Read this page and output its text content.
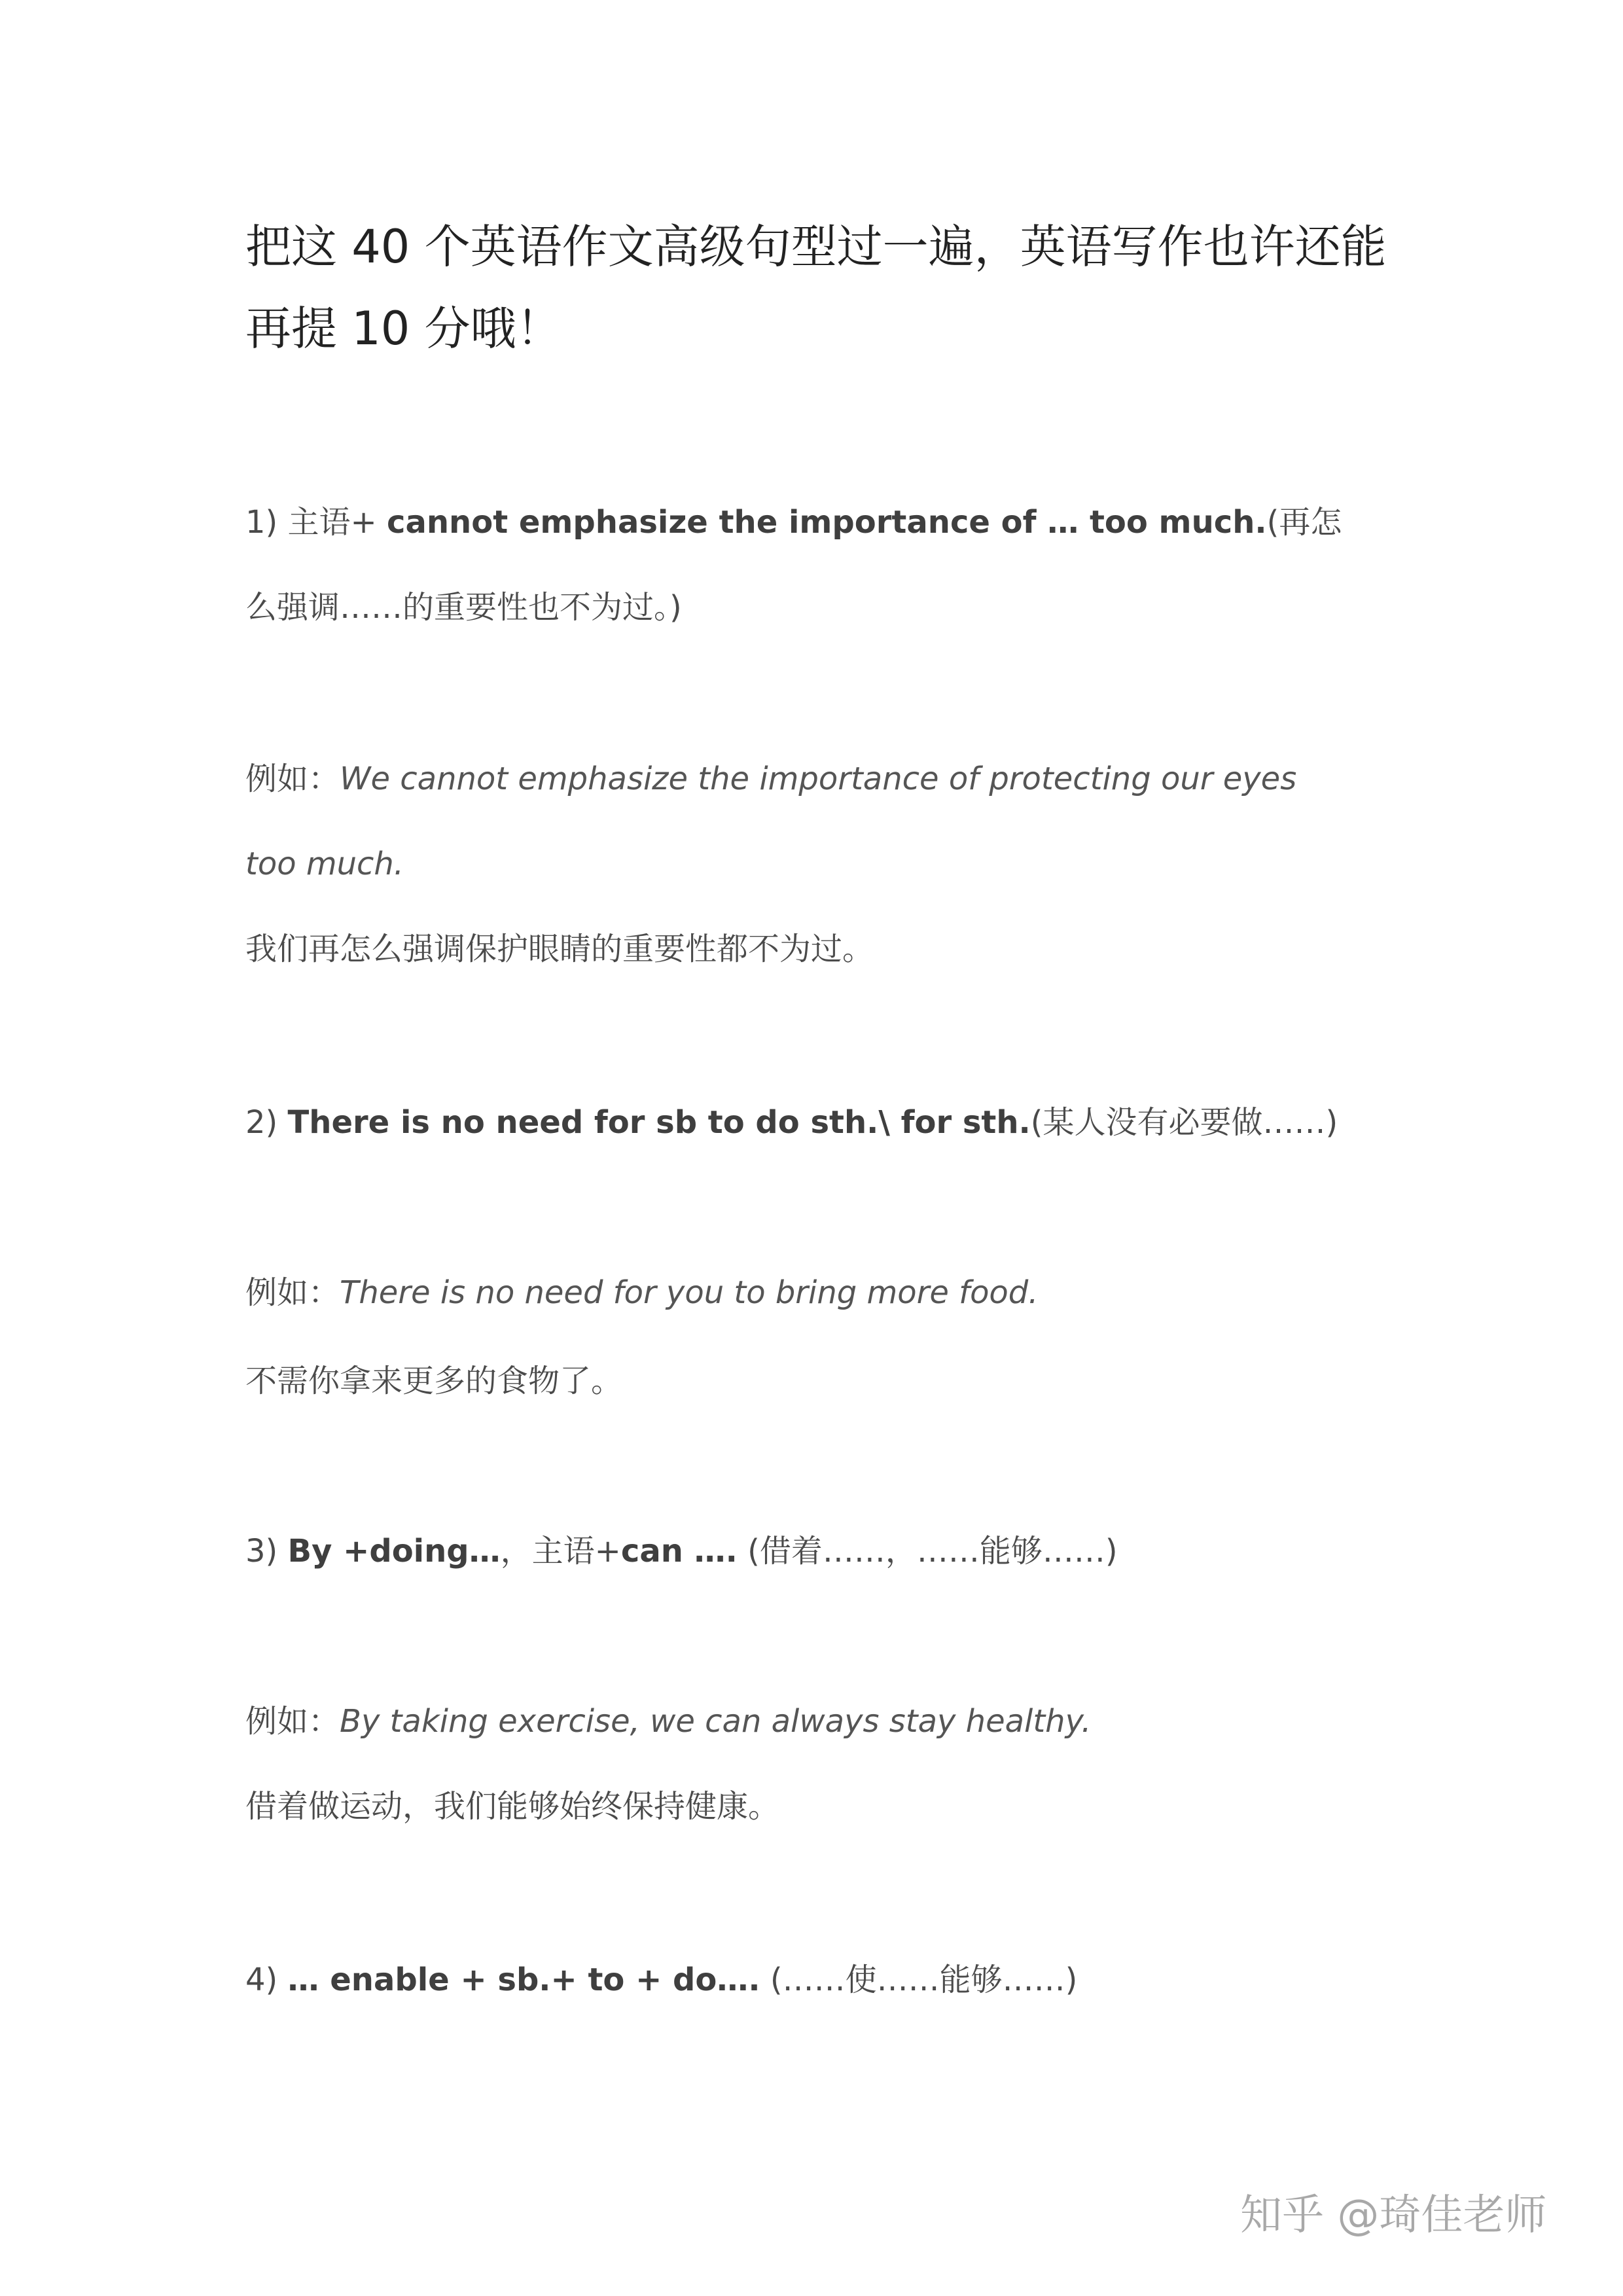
把这 40 个英语作文高级句型过一遍，英语写作也许还能再提 10 分哦！
1) 主语+ cannot emphasize the importance of … too much.(再怎
么强调……的重要性也不为过。)
例如：We cannot emphasize the importance of protecting our eyes
too much.
我们再怎么强调保护眼睛的重要性都不为过。
2) There is no need for sb to do sth.\ for sth.(某人没有必要做……)
例如：There is no need for you to bring more food.
不需你拿来更多的食物了。
3) By +doing…，主语+can …. (借着……，……能够……)
例如：By taking exercise, we can always stay healthy.
借着做运动，我们能够始终保持健康。
4) … enable + sb.+ to + do…. (……使……能够……)
知乎 @琦佳老师
